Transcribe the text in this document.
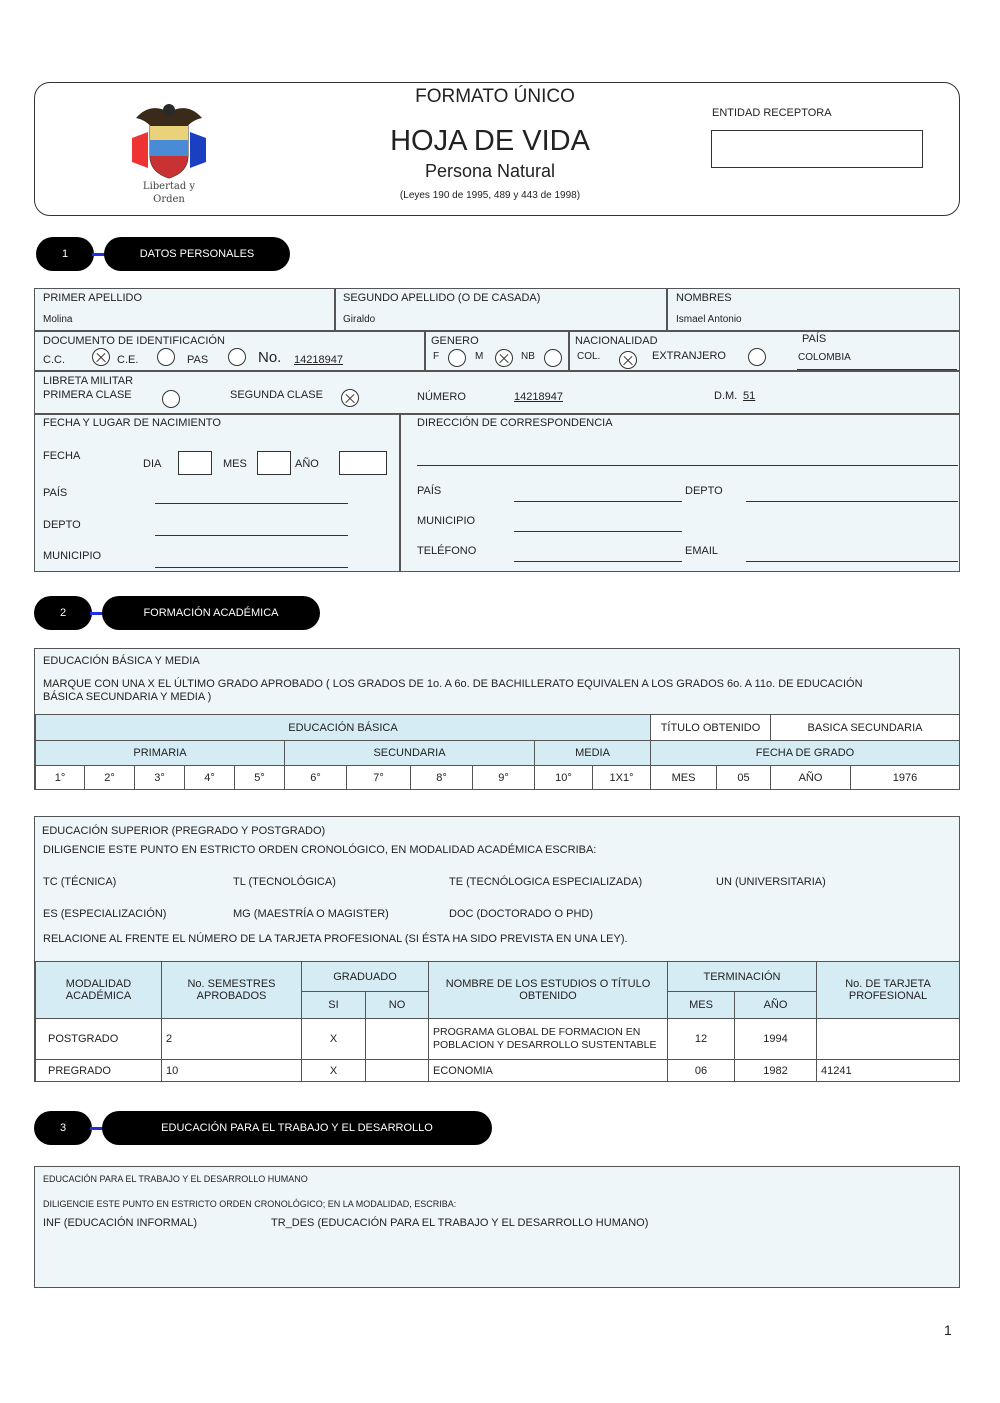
Libertad y Orden
FORMATO ÚNICO
HOJA DE VIDA
Persona Natural
(Leyes 190 de 1995, 489 y 443 de 1998)
ENTIDAD RECEPTORA
1	DATOS PERSONALES
PRIMER APELLIDO
Molina
SEGUNDO APELLIDO (O DE CASADA)
Giraldo
NOMBRES
Ismael Antonio
DOCUMENTO DE IDENTIFICACIÓN
C.C.	C.E.	PAS	No. 14218947
GENERO
F	M	NB
NACIONALIDAD
COL.	EXTRANJERO
PAÍS
COLOMBIA
LIBRETA MILITAR
PRIMERA CLASE	SEGUNDA CLASE	NÚMERO	14218947	D.M. 51
FECHA Y LUGAR DE NACIMIENTO
FECHA
DIA	MES	AÑO
PAÍS
DEPTO
MUNICIPIO
DIRECCIÓN DE CORRESPONDENCIA
PAÍS	DEPTO
MUNICIPIO
TELÉFONO	EMAIL
2	FORMACIÓN ACADÉMICA
EDUCACIÓN BÁSICA Y MEDIA
MARQUE CON UNA X EL ÚLTIMO GRADO APROBADO ( LOS GRADOS DE 1o. A 6o. DE BACHILLERATO EQUIVALEN A LOS GRADOS 6o. A 11o. DE EDUCACIÓN
BÁSICA SECUNDARIA Y MEDIA )
EDUCACIÓN BÁSICA											TÍTULO OBTENIDO		BASICA SECUNDARIA	
PRIMARIA					SECUNDARIA				MEDIA		FECHA DE GRADO			
1°	2°	3°	4°	5°	6°	7°	8°	9°	10°	1X1°	MES	05	AÑO	1976
EDUCACIÓN SUPERIOR (PREGRADO Y POSTGRADO)
DILIGENCIE ESTE PUNTO EN ESTRICTO ORDEN CRONOLÓGICO, EN MODALIDAD ACADÉMICA ESCRIBA:
TC (TÉCNICA)	TL (TECNOLÓGICA)	TE (TECNÓLOGICA ESPECIALIZADA)	UN (UNIVERSITARIA)
ES (ESPECIALIZACIÓN)	MG (MAESTRÍA O MAGISTER)	DOC (DOCTORADO O PHD)
RELACIONE AL FRENTE EL NÚMERO DE LA TARJETA PROFESIONAL (SI ÉSTA HA SIDO PREVISTA EN UNA LEY).
MODALIDAD ACADÉMICA	No. SEMESTRES APROBADOS	GRADUADO		NOMBRE DE LOS ESTUDIOS O TÍTULO OBTENIDO	TERMINACIÓN		No. DE TARJETA PROFESIONAL
		SI	NO		MES	AÑO	
POSTGRADO	2	X		PROGRAMA GLOBAL DE FORMACION EN POBLACION Y DESARROLLO SUSTENTABLE	12	1994	
PREGRADO	10	X		ECONOMIA	06	1982	41241
3	EDUCACIÓN PARA EL TRABAJO Y EL DESARROLLO
EDUCACIÓN PARA EL TRABAJO Y EL DESARROLLO HUMANO
DILIGENCIE ESTE PUNTO EN ESTRICTO ORDEN CRONOLÓGICO; EN LA MODALIDAD, ESCRIBA:
INF (EDUCACIÓN INFORMAL)	TR_DES (EDUCACIÓN PARA EL TRABAJO Y EL DESARROLLO HUMANO)
1
